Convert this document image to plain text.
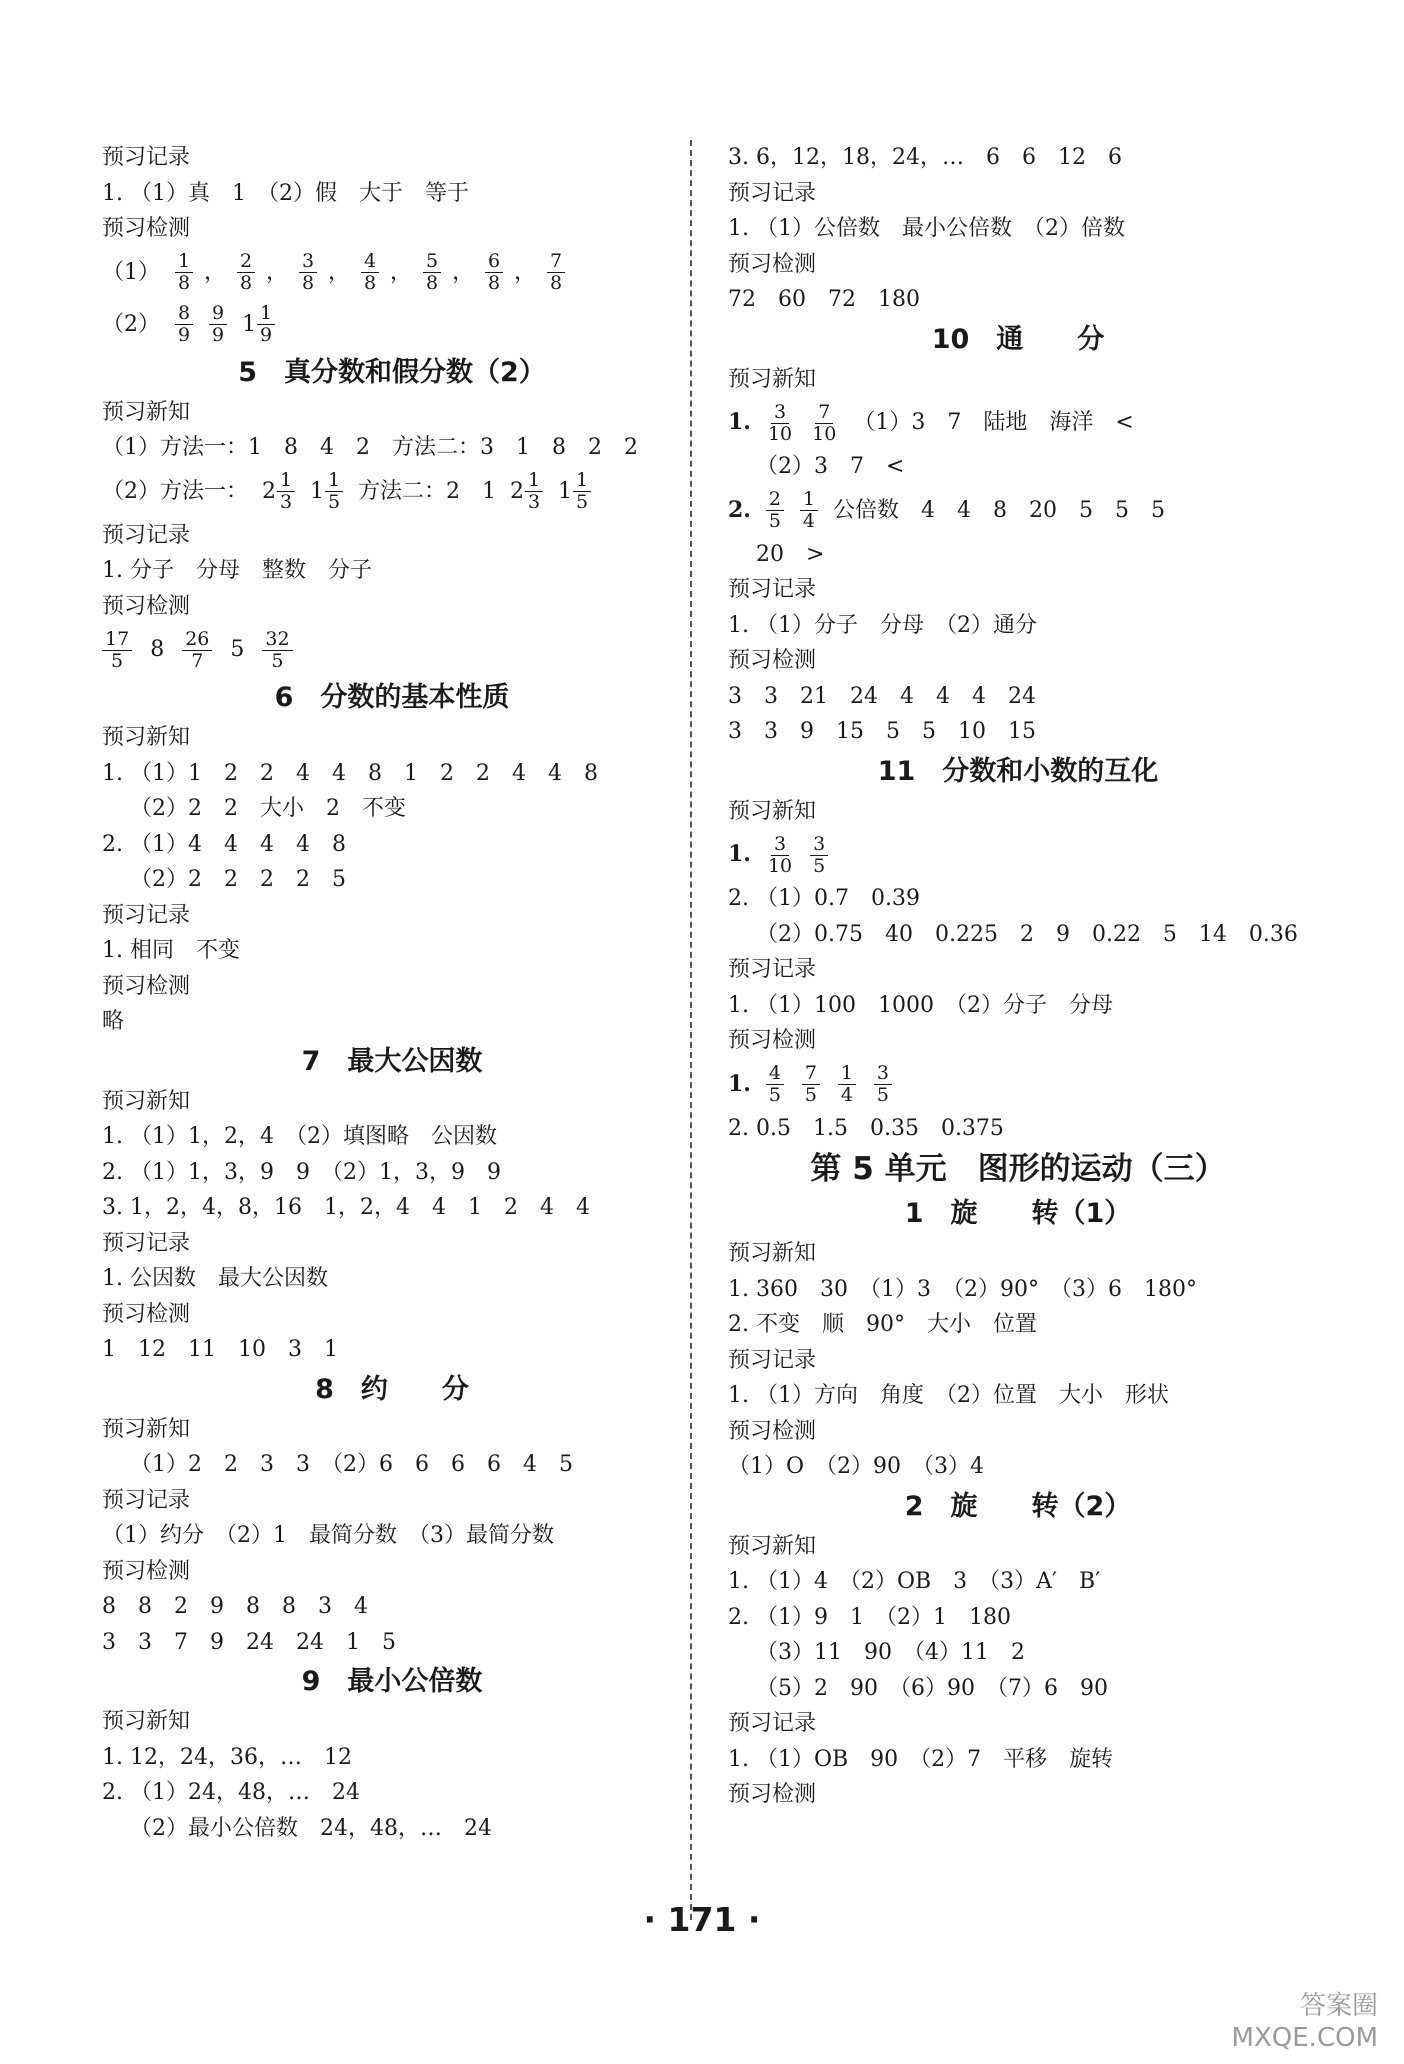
预习记录
1. （1）真　1　（2）假　大于　等于
预习检测
$(1) \frac{1}{8}$ ， $\frac{2}{8}$ ， $\frac{3}{8}$ ， $\frac{4}{8}$ ， $\frac{5}{8}$ ， $\frac{6}{8}$ ， $\frac{7}{8}$
$(2) \frac{8}{9} \frac{9}{9} 1 \frac{1}{9}$
5　真分数和假分数（2）
预习新知
（1）方法一：1　8　4　2　方法二：3　1　8　2　2
（2）方法一： $2 \frac{1}{3} 1 \frac{1}{5}$ 方法二：2　1 $2 \frac{1}{3} 1 \frac{1}{5}$
预习记录
1. 分子　分母　整数　分子
预习检测
$\frac{17}{5} 8 \frac{26}{7} 5 \frac{32}{5}$
6　分数的基本性质
预习新知
1. （1）1　2　2　4　4　8　1　2　2　4　4　8
（2）2　2　大小　2　不变
2. （1）4　4　4　4　8
（2）2　2　2　2　5
预习记录
1. 相同　不变
预习检测
略
7　最大公因数
预习新知
1. （1）1，2，4　（2）填图略　公因数
2. （1）1，3，9　9　（2）1，3，9　9
3. 1，2，4，8，16　1，2，4　4　1　2　4　4
预习记录
1. 公因数　最大公因数
预习检测
1　12　11　10　3　1
8　约　　分
预习新知
（1）2　2　3　3　（2）6　6　6　6　4　5
预习记录
（1）约分　（2）1　最简分数　（3）最简分数
预习检测
8　8　2　9　8　8　3　4
3　3　7　9　24　24　1　5
9　最小公倍数
预习新知
1. 12，24，36，…　12
2. （1）24，48，…　24
（2）最小公倍数　24，48，…　24
3. 6，12，18，24，…　6　6　12　6
预习记录
1. （1）公倍数　最小公倍数　（2）倍数
预习检测
72　60　72　180
10　通　　分
预习新知
1. $\frac{3}{10} \frac{7}{10} (1)3$　7　陆地　海洋　<
（2）3　7　<
2. $\frac{2}{5} \frac{1}{4}$ 公倍数　4　4　8　20　5　5　5
20　>
预习记录
1. （1）分子　分母　（2）通分
预习检测
3　3　21　24　4　4　4　24
3　3　9　15　5　5　10　15
11　分数和小数的互化
预习新知
1. $\frac{3}{10} \frac{3}{5}$
2. （1）0.7　0.39
（2）0.75　40　0.225　2　9　0.22　5　14　0.36
预习记录
1. （1）100　1000　（2）分子　分母
预习检测
1. $\frac{4}{5} \frac{7}{5} \frac{1}{4} \frac{3}{5}$
2. 0.5　1.5　0.35　0.375
第 5 单元　图形的运动（三）
1　旋　　转（1）
预习新知
1. 360　30　（1）3　（2）90°　（3）6　180°
2. 不变　顺　90°　大小　位置
预习记录
1. （1）方向　角度　（2）位置　大小　形状
预习检测
（1）O　（2）90　（3）4
2　旋　　转（2）
预习新知
1. （1）4　（2）OB　3　（3）A′　B′
2. （1）9　1　（2）1　180
（3）11　90　（4）11　2
（5）2　90　（6）90　（7）6　90
预习记录
1. （1）OB　90　（2）7　平移　旋转
预习检测
· 171 ·
答案圈
MXQE.COM
